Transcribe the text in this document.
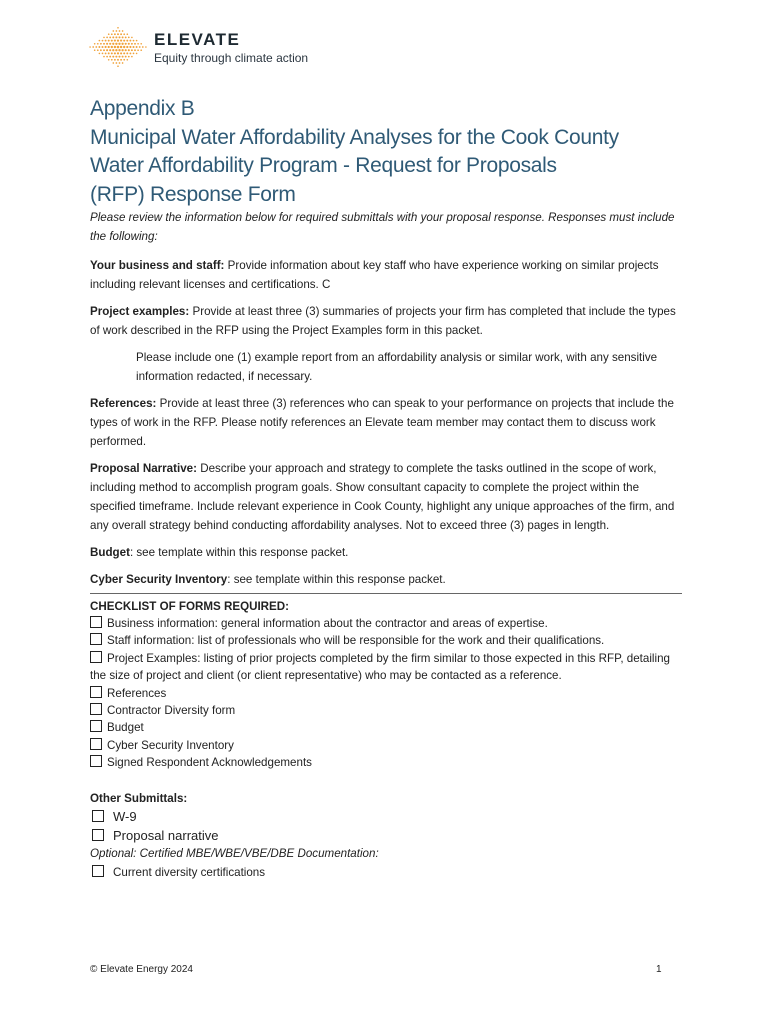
ELEVATE
Equity through climate action
Appendix B
Municipal Water Affordability Analyses for the Cook County
Water Affordability Program - Request for Proposals
(RFP) Response Form

Please review the information below for required submittals with your proposal response. Responses must include the following:

Your business and staff: Provide information about key staff who have experience working on similar projects including relevant licenses and certifications. C

Project examples: Provide at least three (3) summaries of projects your firm has completed that include the types of work described in the RFP using the Project Examples form in this packet.

Please include one (1) example report from an affordability analysis or similar work, with any sensitive information redacted, if necessary.

References: Provide at least three (3) references who can speak to your performance on projects that include the types of work in the RFP. Please notify references an Elevate team member may contact them to discuss work performed.

Proposal Narrative: Describe your approach and strategy to complete the tasks outlined in the scope of work, including method to accomplish program goals. Show consultant capacity to complete the project within the specified timeframe. Include relevant experience in Cook County, highlight any unique approaches of the firm, and any overall strategy behind conducting affordability analyses. Not to exceed three (3) pages in length.

Budget: see template within this response packet.

Cyber Security Inventory: see template within this response packet.

CHECKLIST OF FORMS REQUIRED:

Business information: general information about the contractor and areas of expertise.
Staff information: list of professionals who will be responsible for the work and their qualifications.
Project Examples: listing of prior projects completed by the firm similar to those expected in this RFP, detailing the size of project and client (or client representative) who may be contacted as a reference.
References
Contractor Diversity form
Budget
Cyber Security Inventory
Signed Respondent Acknowledgements

Other Submittals:

W-9
Proposal narrative
Optional: Certified MBE/WBE/VBE/DBE Documentation:
Current diversity certifications
© Elevate Energy 2024	1
